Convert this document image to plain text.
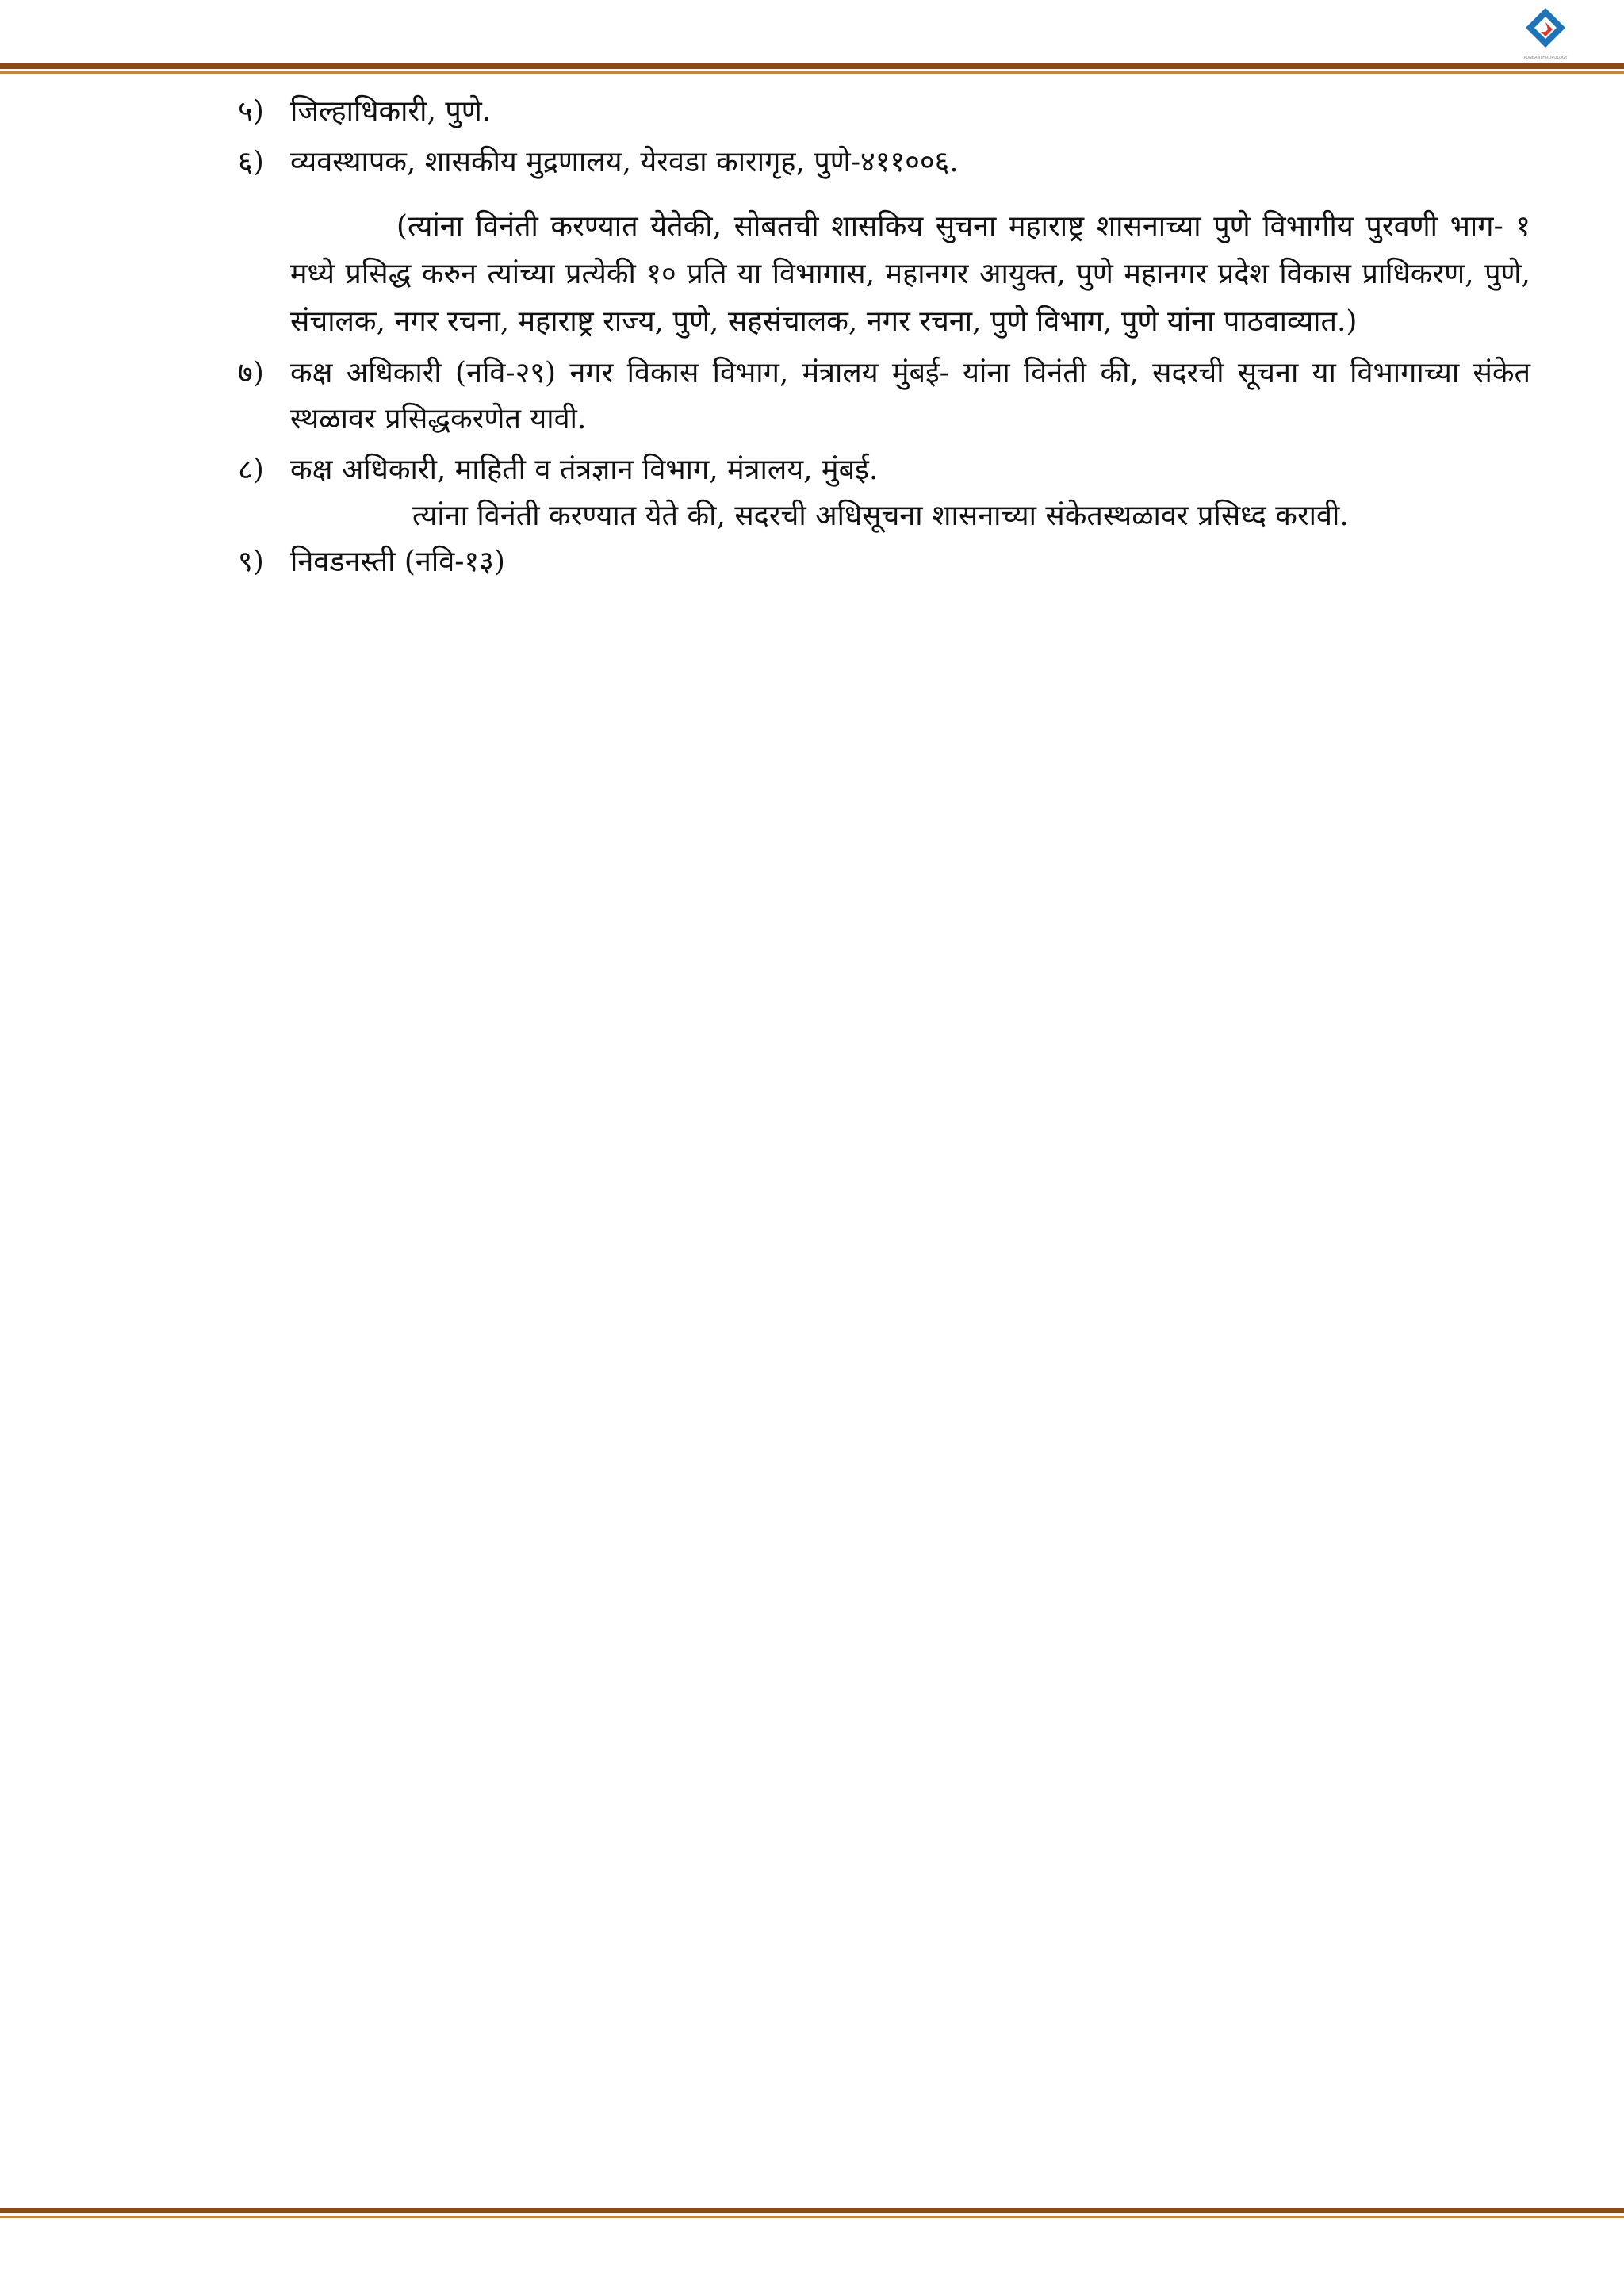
PUNEANTHROPOLOGY
५) जिल्हाधिकारी, पुणे.
६) व्यवस्थापक, शासकीय मुद्रणालय, येरवडा कारागृह, पुणे-४११००६.
(त्यांना विनंती करण्यात येतेकी, सोबतची शासकिय सुचना महाराष्ट्र शासनाच्या पुणे विभागीय पुरवणी भाग- १ मध्ये प्रसिद्ध करुन त्यांच्या प्रत्येकी १० प्रति या विभागास, महानगर आयुक्त, पुणे महानगर प्रदेश विकास प्राधिकरण, पुणे, संचालक, नगर रचना, महाराष्ट्र राज्य, पुणे, सहसंचालक, नगर रचना, पुणे विभाग, पुणे यांना पाठवाव्यात.)
७) कक्ष अधिकारी (नवि-२९) नगर विकास विभाग, मंत्रालय मुंबई- यांना विनंती की, सदरची सूचना या विभागाच्या संकेत स्थळावर प्रसिद्धकरणेत यावी.
८) कक्ष अधिकारी, माहिती व तंत्रज्ञान विभाग, मंत्रालय, मुंबई.
त्यांना विनंती करण्यात येते की, सदरची अधिसूचना शासनाच्या संकेतस्थळावर प्रसिध्द करावी.
९) निवडनस्ती (नवि-१३)
